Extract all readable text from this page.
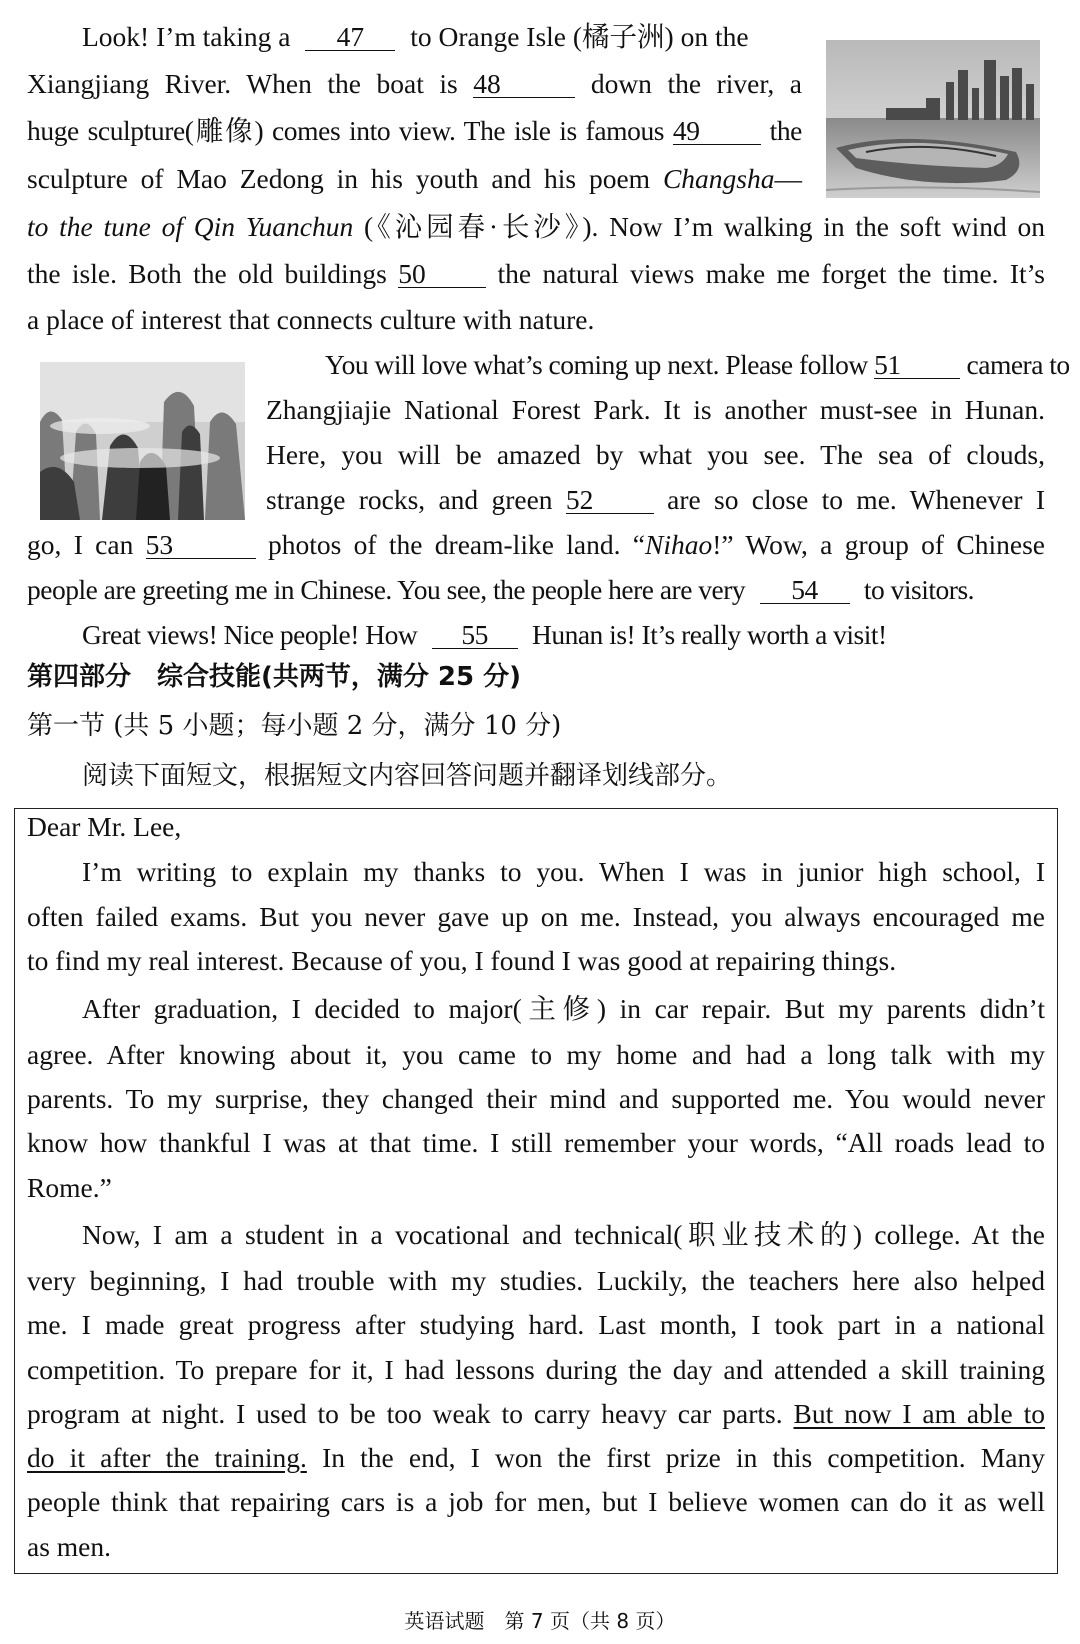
Look! I’m taking a 47 to Orange Isle (橘子洲) on the
Xiangjiang River. When the boat is 48	down the river, a
huge sculpture(雕像) comes into view. The isle is famous 49	the
sculpture of Mao Zedong in his youth and his poem Changsha—
to the tune of Qin Yuanchun (《沁园春·长沙》). Now I’m walking in the soft wind on
the isle. Both the old buildings 50	the natural views make me forget the time. It’s
a place of interest that connects culture with nature.
You will love what’s coming up next. Please follow 51 camera to
Zhangjiajie National Forest Park. It is another must-see in Hunan.
Here, you will be amazed by what you see. The sea of clouds,
strange rocks, and green 52	are so close to me. Whenever I
go, I can 53	photos of the dream-like land. “Nihao!” Wow, a group of Chinese
people are greeting me in Chinese. You see, the people here are very 54 to visitors.
Great views! Nice people! How 55 Hunan is! It’s really worth a visit!
第四部分　综合技能(共两节，满分 25 分)
第一节 (共 5 小题；每小题 2 分，满分 10 分)
阅读下面短文，根据短文内容回答问题并翻译划线部分。
Dear Mr. Lee,
I’m writing to explain my thanks to you. When I was in junior high school, I
often failed exams. But you never gave up on me. Instead, you always encouraged me
to find my real interest. Because of you, I found I was good at repairing things.
After graduation, I decided to major(主修) in car repair. But my parents didn’t
agree. After knowing about it, you came to my home and had a long talk with my
parents. To my surprise, they changed their mind and supported me. You would never
know how thankful I was at that time. I still remember your words, “All roads lead to
Rome.”
Now, I am a student in a vocational and technical(职业技术的) college. At the
very beginning, I had trouble with my studies. Luckily, the teachers here also helped
me. I made great progress after studying hard. Last month, I took part in a national
competition. To prepare for it, I had lessons during the day and attended a skill training
program at night. I used to be too weak to carry heavy car parts. But now I am able to
do it after the training. In the end, I won the first prize in this competition. Many
people think that repairing cars is a job for men, but I believe women can do it as well
as men.
英语试题　第 7 页（共 8 页）
